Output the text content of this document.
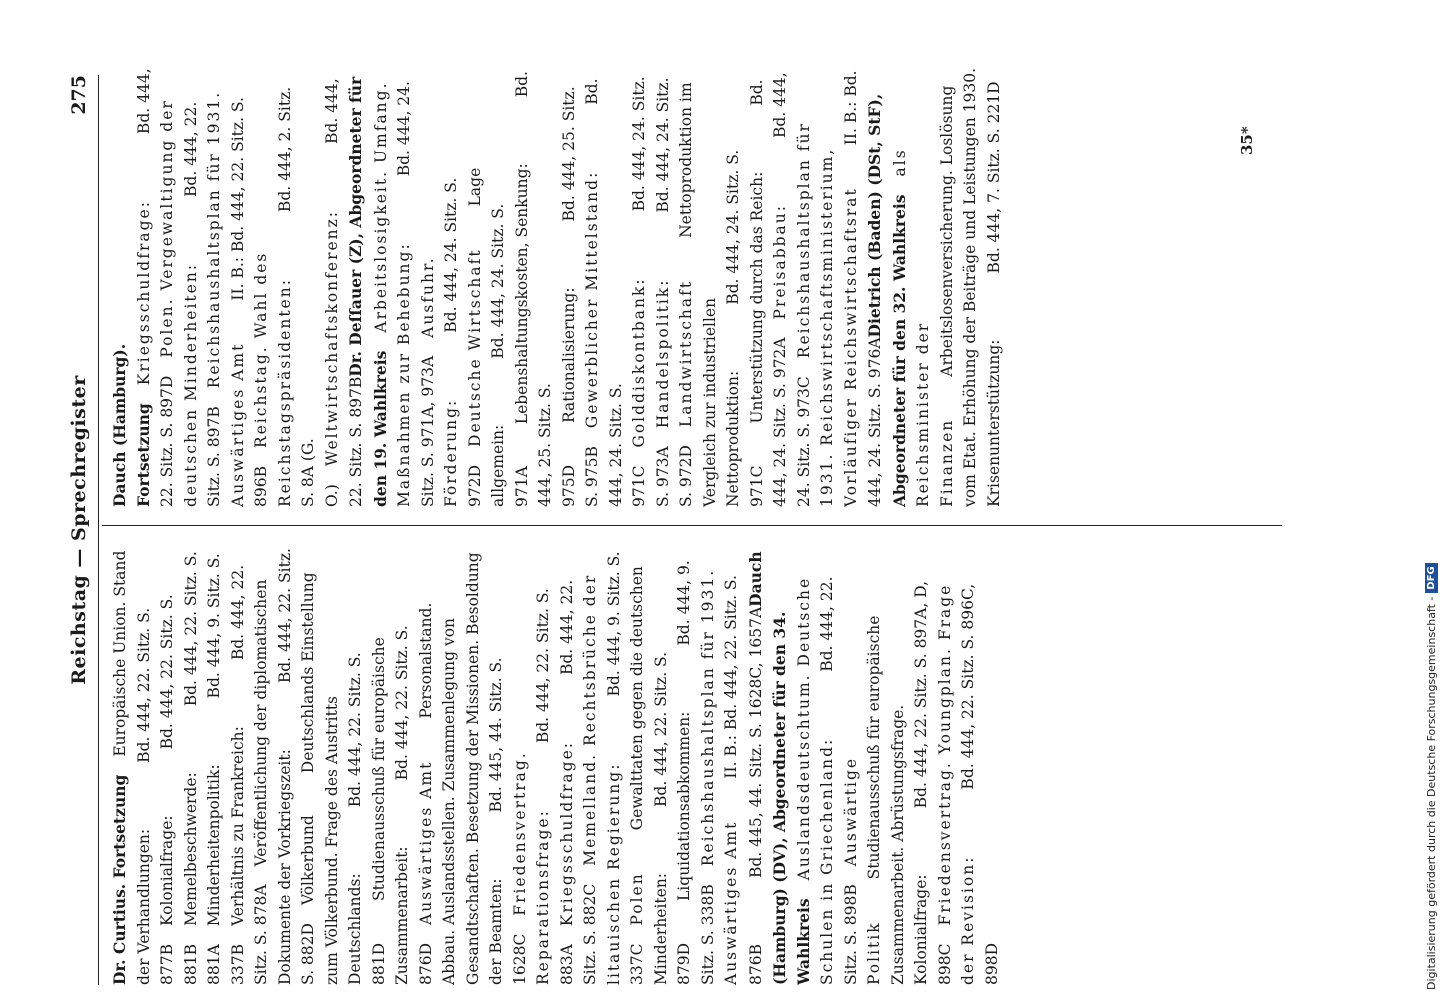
Reichstag — Sprechregister
275
Dr. Curtius. FortsetzungEuropäische Union. Stand der Verhandlungen:Bd. 444, 22. Sitz. S. 877BKolonialfrage:Bd. 444, 22. Sitz. S. 881BMemelbeschwerde:Bd. 444, 22. Sitz. S. 881AMinderheitenpolitik:Bd. 444, 9. Sitz. S. 337BVerhältnis zu Frankreich:Bd. 444, 22. Sitz. S. 878AVeröffentlichung der diplomatischen Dokumente der Vorkriegszeit:Bd. 444, 22. Sitz. S. 882DVölkerbundDeutschlands Einstellung zum Völkerbund. Frage des Austritts Deutschlands:Bd. 444, 22. Sitz. S. 881DStudienausschuß für europäische Zusammenarbeit:Bd. 444, 22. Sitz. S. 876DAuswärtiges AmtPersonalstand. Abbau. Auslandsstellen. Zusammenlegung von Gesandtschaften. Besetzung der Missionen. Besoldung der Beamten:Bd. 445, 44. Sitz. S. 1628CFriedensvertrag. Reparationsfrage:Bd. 444, 22. Sitz. S. 883AKriegsschuldfrage:Bd. 444, 22. Sitz. S. 882CMemelland. Rechtsbrüche der litauischen Regierung:Bd. 444, 9. Sitz. S. 337CPolenGewalttaten gegen die deutschen Minderheiten:Bd. 444, 22. Sitz. S. 879DLiquidationsabkommen:Bd. 444, 9. Sitz. S. 338BReichshaushaltsplan für 1931. Auswärtiges AmtII. B.: Bd. 444, 22. Sitz. S. 876BBd. 445, 44. Sitz. S. 1628C, 1657ADauch (Hamburg) (DV), Abgeordneter für den 34. WahlkreisAuslandsdeutschtum. Deutsche Schulen in Griechenland:Bd. 444, 22. Sitz. S. 898BAuswärtige PolitikStudienausschuß für europäische Zusammenarbeit. Abrüstungsfrage. Kolonialfrage:Bd. 444, 22. Sitz. S. 897A, D, 898CFriedensvertrag. Youngplan. Frage der Revision:Bd. 444, 22. Sitz. S. 896C, 898D
Dauch (Hamburg). FortsetzungKriegsschuldfrage:Bd. 444, 22. Sitz. S. 897DPolen. Vergewaltigung der deutschen Minderheiten:Bd. 444, 22. Sitz. S. 897BReichshaushaltsplan für 1931. Auswärtiges AmtII. B.: Bd. 444, 22. Sitz. S. 896BReichstag. Wahl des Reichstagspräsidenten:Bd. 444, 2. Sitz. S. 8A (G. O.)Weltwirtschaftskonferenz:Bd. 444, 22. Sitz. S. 897BDr. Deſſauer (Z), Abgeordneter für den 19. WahlkreisArbeitslosigkeit. Umfang. Maßnahmen zur Behebung:Bd. 444, 24. Sitz. S. 971A, 973AAusfuhr. Förderung:Bd. 444, 24. Sitz. S. 972DDeutsche WirtschaftLage allgemein:Bd. 444, 24. Sitz. S. 971ALebenshaltungskosten, Senkung:Bd. 444, 25. Sitz. S. 975DRationalisierung:Bd. 444, 25. Sitz. S. 975BGewerblicher Mittelstand:Bd. 444, 24. Sitz. S. 971CGolddiskontbank:Bd. 444, 24. Sitz. S. 973AHandelspolitik:Bd. 444, 24. Sitz. S. 972DLandwirtschaftNettoproduktion im Vergleich zur industriellen Nettoproduktion:Bd. 444, 24. Sitz. S. 971CUnterstützung durch das Reich:Bd. 444, 24. Sitz. S. 972APreisabbau:Bd. 444, 24. Sitz. S. 973CReichshaushaltsplan für 1931. Reichswirtschaftsministerium, Vorläufiger ReichswirtschaftsratII. B.: Bd. 444, 24. Sitz. S. 976ADietrich (Baden) (DSt, StF), Abgeordneter für den 32. Wahlkreisals Reichsminister der FinanzenArbeitslosenversicherung. Loslösung vom Etat. Erhöhung der Beiträge und Leistungen 1930. Krisenunterstützung:Bd. 444, 7. Sitz. S. 221D	35*
Digitalisierung gefördert durch die Deutsche Forschungsgemeinschaft -
DFG
